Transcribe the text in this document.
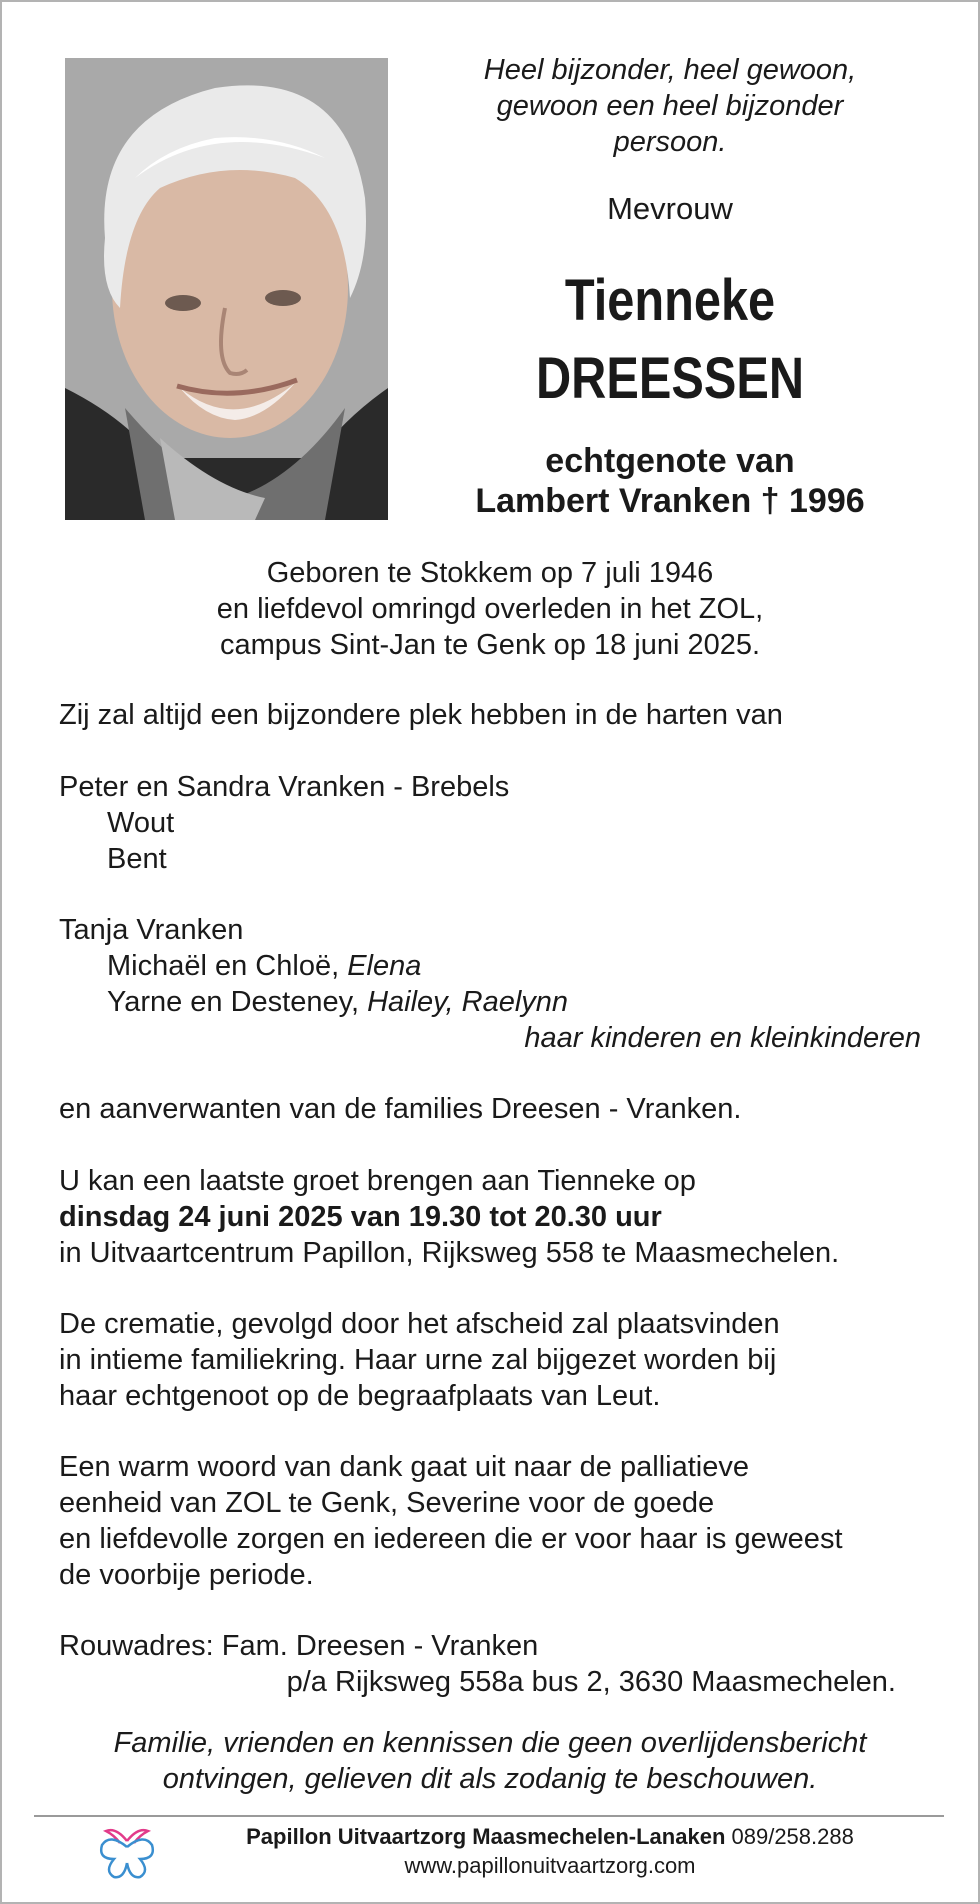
Heel bijzonder, heel gewoon,
gewoon een heel bijzonder
persoon.
Mevrouw
Tienneke
DREESSEN
echtgenote van
Lambert Vranken † 1996
Geboren te Stokkem op 7 juli 1946
en liefdevol omringd overleden in het ZOL,
campus Sint-Jan te Genk op 18 juni 2025.
Zij zal altijd een bijzondere plek hebben in de harten van
Peter en Sandra Vranken - Brebels
Wout
Bent
Tanja Vranken
Michaël en Chloë, Elena
Yarne en Desteney, Hailey, Raelynn
haar kinderen en kleinkinderen
en aanverwanten van de families Dreesen - Vranken.
U kan een laatste groet brengen aan Tienneke op
dinsdag 24 juni 2025 van 19.30 tot 20.30 uur
in Uitvaartcentrum Papillon, Rijksweg 558 te Maasmechelen.
De crematie, gevolgd door het afscheid zal plaatsvinden
in intieme familiekring. Haar urne zal bijgezet worden bij
haar echtgenoot op de begraafplaats van Leut.
Een warm woord van dank gaat uit naar de palliatieve
eenheid van ZOL te Genk, Severine voor de goede
en liefdevolle zorgen en iedereen die er voor haar is geweest
de voorbije periode.
Rouwadres: Fam. Dreesen - Vranken
p/a Rijksweg 558a bus 2, 3630 Maasmechelen.
Familie, vrienden en kennissen die geen overlijdensbericht
ontvingen, gelieven dit als zodanig te beschouwen.
Papillon Uitvaartzorg Maasmechelen-Lanaken 089/258.288
www.papillonuitvaartzorg.com
